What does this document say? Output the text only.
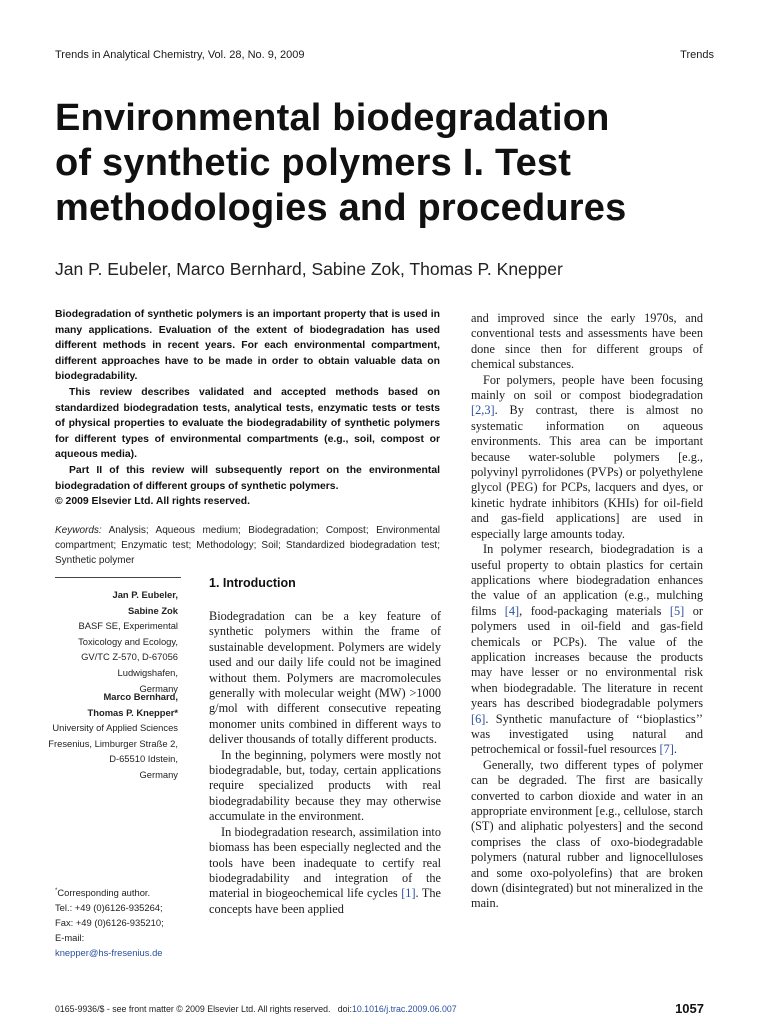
Trends in Analytical Chemistry, Vol. 28, No. 9, 2009	Trends
Environmental biodegradation
of synthetic polymers I. Test
methodologies and procedures
Jan P. Eubeler, Marco Bernhard, Sabine Zok, Thomas P. Knepper

Biodegradation of synthetic polymers is an important property that is used in many applications. Evaluation of the extent of biodegradation has used different methods in recent years. For each environmental compartment, different approaches have to be made in order to obtain valuable data on biodegradability.

This review describes validated and accepted methods based on standardized biodegradation tests, analytical tests, enzymatic tests or tests of physical properties to evaluate the biodegradability of synthetic polymers for different types of environmental compartments (e.g., soil, compost or aqueous media).

Part II of this review will subsequently report on the environmental biodegradation of different groups of synthetic polymers.

© 2009 Elsevier Ltd. All rights reserved.

Keywords: Analysis; Aqueous medium; Biodegradation; Compost; Environmental compartment; Enzymatic test; Methodology; Soil; Standardized biodegradation test; Synthetic polymer
Jan P. Eubeler,
Sabine Zok
BASF SE, Experimental
Toxicology and Ecology,
GV/TC Z-570, D-67056
Ludwigshafen,
Germany
Marco Bernhard,
Thomas P. Knepper*
University of Applied Sciences
Fresenius, Limburger Straße 2,
D-65510 Idstein,
Germany
*Corresponding author.
Tel.: +49 (0)6126-935264;
Fax: +49 (0)6126-935210;
E-mail:
knepper@hs-fresenius.de
1. Introduction

Biodegradation can be a key feature of synthetic polymers within the frame of sustainable development. Polymers are widely used and our daily life could not be imagined without them. Polymers are macromolecules generally with molecular weight (MW) >1000 g/mol with different consecutive repeating monomer units combined in different ways to deliver thousands of totally different products.

In the beginning, polymers were mostly not biodegradable, but, today, certain applications require specialized products with real biodegradability because they may otherwise accumulate in the environment.

In biodegradation research, assimilation into biomass has been especially neglected and the tools have been inadequate to certify real biodegradability and integration of the material in biogeochemical life cycles [1]. The concepts have been applied

and improved since the early 1970s, and conventional tests and assessments have been done since then for different groups of chemical substances.

For polymers, people have been focusing mainly on soil or compost biodegradation [2,3]. By contrast, there is almost no systematic information on aqueous environments. This area can be important because water-soluble polymers [e.g., polyvinyl pyrrolidones (PVPs) or polyethylene glycol (PEG) for PCPs, lacquers and dyes, or kinetic hydrate inhibitors (KHIs) for oil-field and gas-field applications] are used in especially large amounts today.

In polymer research, biodegradation is a useful property to obtain plastics for certain applications where biodegradation enhances the value of an application (e.g., mulching films [4], food-packaging materials [5] or polymers used in oil-field and gas-field chemicals or PCPs). The value of the application increases because the products may have lesser or no environmental risk when biodegradable. The literature in recent years has described biodegradable polymers [6]. Synthetic manufacture of ‘‘bioplastics’’ was investigated using natural and petrochemical or fossil-fuel resources [7].

Generally, two different types of polymer can be degraded. The first are basically converted to carbon dioxide and water in an appropriate environment [e.g., cellulose, starch (ST) and aliphatic polyesters] and the second comprises the class of oxo-biodegradable polymers (natural rubber and lignocelluloses and some oxo-polyolefins) that are broken down (disintegrated) but not mineralized in the main.

0165-9936/$ - see front matter © 2009 Elsevier Ltd. All rights reserved. doi:10.1016/j.trac.2009.06.007	1057
